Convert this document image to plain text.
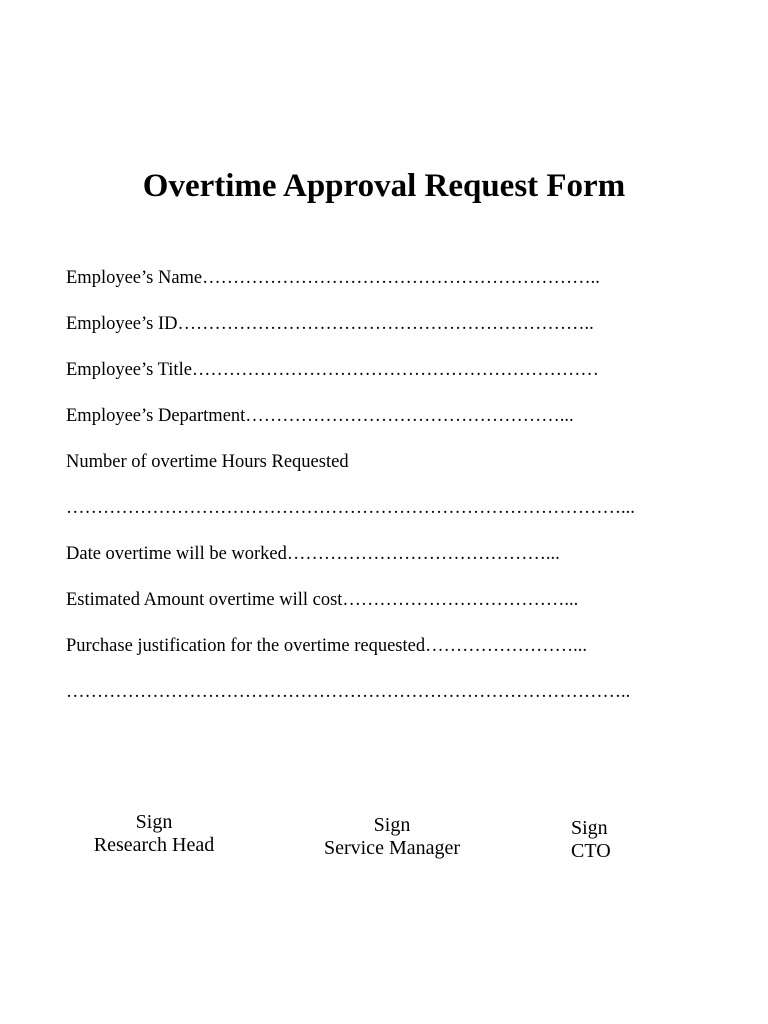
Overtime Approval Request Form
Employee’s Name………………………………………………………..
Employee’s ID…………………………………………………………..
Employee’s Title…………………………………………………………
Employee’s Department……………………………………………...
Number of overtime Hours Requested
………………………………………………………………………………...
Date overtime will be worked……………………………………...
Estimated Amount overtime will cost………………………………...
Purchase justification for the overtime requested……………………...
………………………………………………………………………………..
Sign
Research Head
Sign
Service Manager
Sign
CTO
